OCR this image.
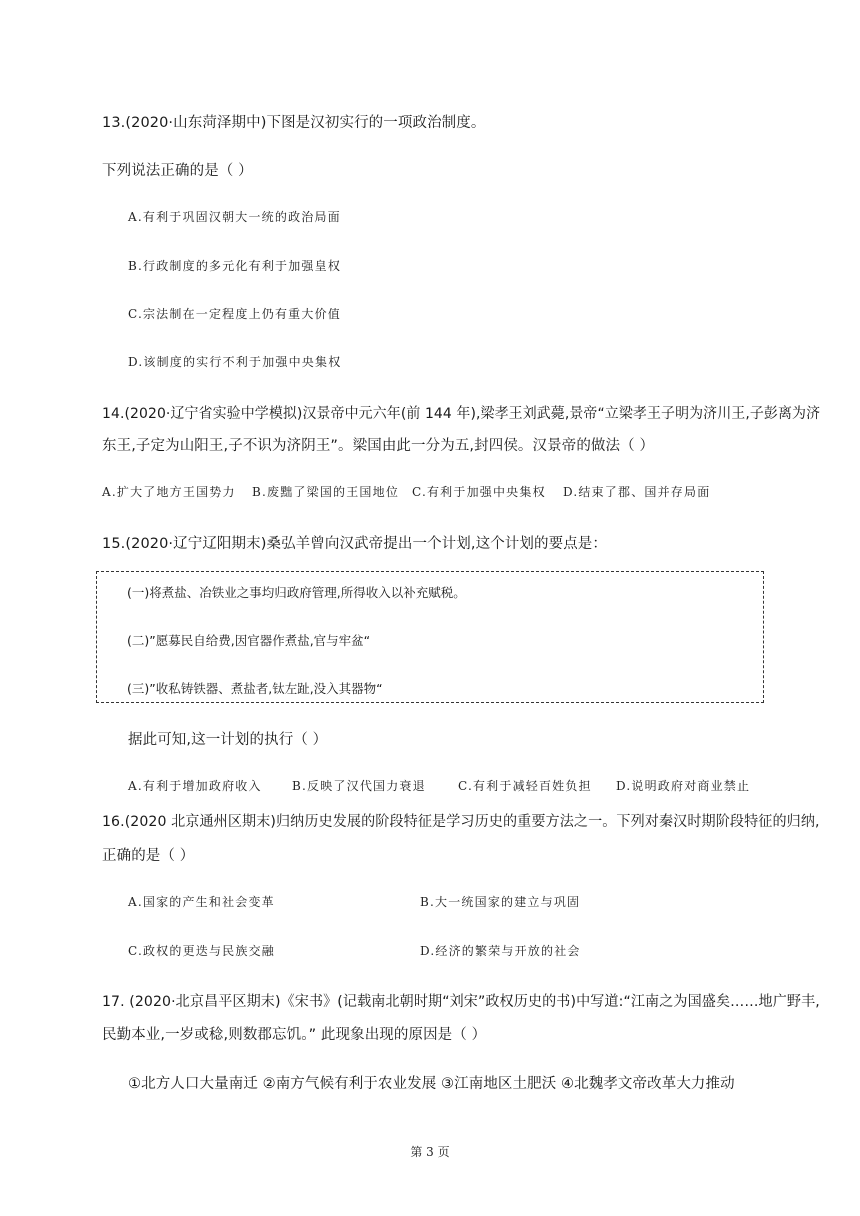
13.(2020·山东菏泽期中)下图是汉初实行的一项政治制度。
下列说法正确的是（ ）
A.有利于巩固汉朝大一统的政治局面
B.行政制度的多元化有利于加强皇权
C.宗法制在一定程度上仍有重大价值
D.该制度的实行不利于加强中央集权
14.(2020·辽宁省实验中学模拟)汉景帝中元六年(前 144 年),梁孝王刘武薨,景帝“立梁孝王子明为济川王,子彭离为济
东王,子定为山阳王,子不识为济阴王”。梁国由此一分为五,封四侯。汉景帝的做法（ ）
A.扩大了地方王国势力 B.废黜了梁国的王国地位 C.有利于加强中央集权 D.结束了郡、国并存局面
15.(2020·辽宁辽阳期末)桑弘羊曾向汉武帝提出一个计划,这个计划的要点是：
(一)将煮盐、冶铁业之事均归政府管理,所得收入以补充赋税。
(二)”愿募民自给费,因官器作煮盐,官与牢盆“
(三)”收私铸铁器、煮盐者,钛左趾,没入其器物“
据此可知,这一计划的执行（ ）
A.有利于增加政府收入	B.反映了汉代国力衰退	C.有利于减轻百姓负担 D.说明政府对商业禁止
16.(2020 北京通州区期末)归纳历史发展的阶段特征是学习历史的重要方法之一。下列对秦汉时期阶段特征的归纳,
正确的是（ ）
A.国家的产生和社会变革	B.大一统国家的建立与巩固
C.政权的更迭与民族交融	D.经济的繁荣与开放的社会
17. (2020·北京昌平区期末)《宋书》(记载南北朝时期“刘宋”政权历史的书)中写道:“江南之为国盛矣……地广野丰,
民勤本业,一岁或稔,则数郡忘饥。” 此现象出现的原因是（ ）
①北方人口大量南迁 ②南方气候有利于农业发展 ③江南地区土肥沃 ④北魏孝文帝改革大力推动
第 3 页
